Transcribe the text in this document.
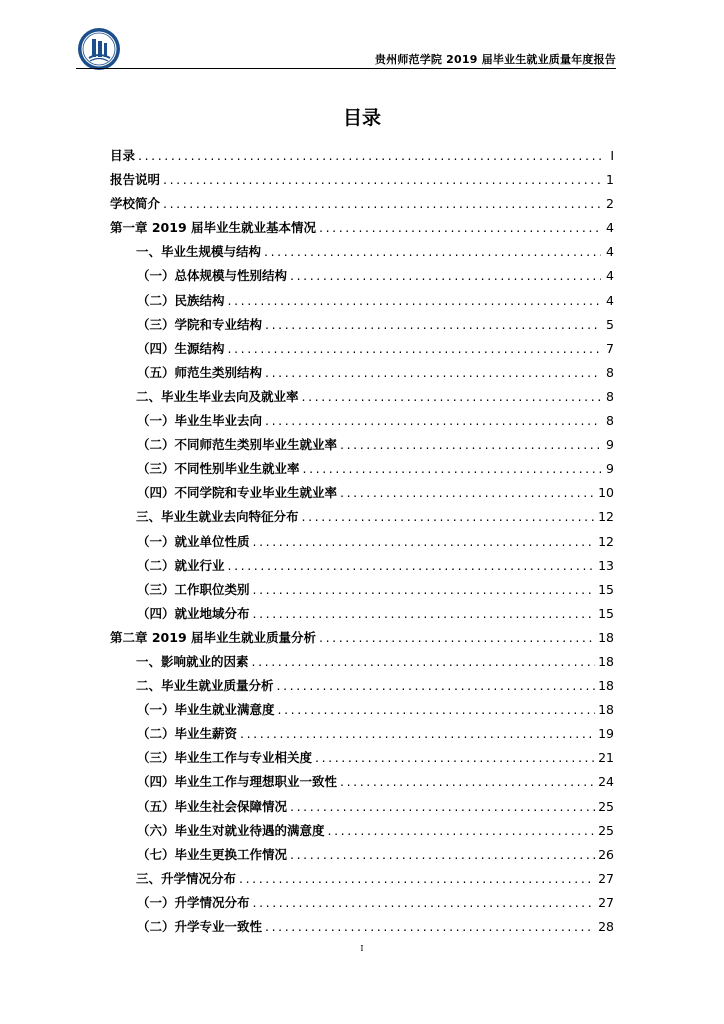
贵州师范学院 2019 届毕业生就业质量年度报告
目录
目录 .....	I
报告说明 .....	1
学校简介 .....	2
第一章 2019 届毕业生就业基本情况 .....	4
一、毕业生规模与结构 .....	4
（一）总体规模与性别结构 .....	4
（二）民族结构 .....	4
（三）学院和专业结构 .....	5
（四）生源结构 .....	7
（五）师范生类别结构 .....	8
二、毕业生毕业去向及就业率 .....	8
（一）毕业生毕业去向 .....	8
（二）不同师范生类别毕业生就业率 .....	9
（三）不同性别毕业生就业率 .....	9
（四）不同学院和专业毕业生就业率 .....	10
三、毕业生就业去向特征分布 .....	12
（一）就业单位性质 .....	12
（二）就业行业 .....	13
（三）工作职位类别 .....	15
（四）就业地域分布 .....	15
第二章 2019 届毕业生就业质量分析 .....	18
一、影响就业的因素 .....	18
二、毕业生就业质量分析 .....	18
（一）毕业生就业满意度 .....	18
（二）毕业生薪资 .....	19
（三）毕业生工作与专业相关度 .....	21
（四）毕业生工作与理想职业一致性 .....	24
（五）毕业生社会保障情况 .....	25
（六）毕业生对就业待遇的满意度 .....	25
（七）毕业生更换工作情况 .....	26
三、升学情况分布 .....	27
（一）升学情况分布 .....	27
（二）升学专业一致性 .....	28
I
